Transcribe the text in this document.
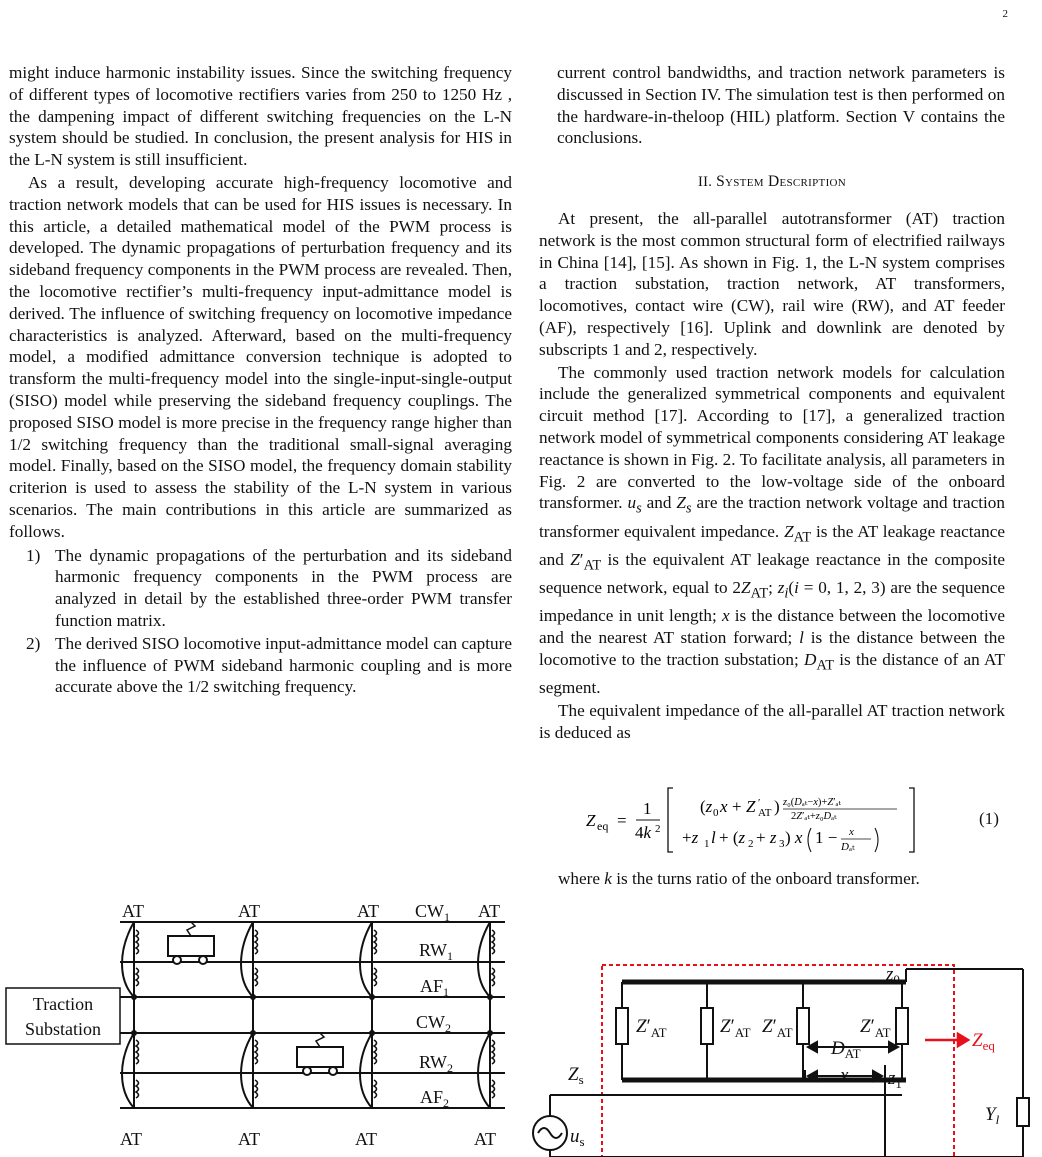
2

might induce harmonic instability issues. Since the switching frequency of different types of locomotive rectifiers varies from 250 to 1250 Hz , the dampening impact of different switching frequencies on the L-N system should be studied. In conclusion, the present analysis for HIS in the L-N system is still insufficient.

As a result, developing accurate high-frequency locomotive and traction network models that can be used for HIS issues is necessary. In this article, a detailed mathematical model of the PWM process is developed. The dynamic propagations of perturbation frequency and its sideband frequency components in the PWM process are revealed. Then, the locomotive rectifier’s multi-frequency input-admittance model is derived. The influence of switching frequency on locomotive impedance characteristics is analyzed. Afterward, based on the multi-frequency model, a modified admittance conversion technique is adopted to transform the multi-frequency model into the single-input-single-output (SISO) model while preserving the sideband frequency couplings. The proposed SISO model is more precise in the frequency range higher than 1/2 switching frequency than the traditional small-signal averaging model. Finally, based on the SISO model, the frequency domain stability criterion is used to assess the stability of the L-N system in various scenarios. The main contributions in this article are summarized as follows.

1) The dynamic propagations of the perturbation and its sideband harmonic frequency components in the PWM process are analyzed in detail by the established three-order PWM transfer function matrix.
2) The derived SISO locomotive input-admittance model can capture the influence of PWM sideband harmonic coupling and is more accurate above the 1/2 switching frequency.

current control bandwidths, and traction network parameters is discussed in Section IV. The simulation test is then performed on the hardware-in-theloop (HIL) platform. Section V contains the conclusions.

II. System Description

At present, the all-parallel autotransformer (AT) traction network is the most common structural form of electrified railways in China [14], [15]. As shown in Fig. 1, the L-N system comprises a traction substation, traction network, AT transformers, locomotives, contact wire (CW), rail wire (RW), and AT feeder (AF), respectively [16]. Uplink and downlink are denoted by subscripts 1 and 2, respectively.

The commonly used traction network models for calculation include the generalized symmetrical components and equivalent circuit method [17]. According to [17], a generalized traction network model of symmetrical components considering AT leakage reactance is shown in Fig. 2. To facilitate analysis, all parameters in Fig. 2 are converted to the low-voltage side of the onboard transformer. $u_s$ and $Z_s$ are the traction network voltage and traction transformer equivalent impedance. $Z_{AT}$ is the AT leakage reactance and $Z'_{AT}$ is the equivalent AT leakage reactance in the composite sequence network, equal to $2Z_{AT}$; $z_i(i = 0$, 1, 2, 3) are the sequence impedance in unit length; x is the distance between the locomotive and the nearest AT station forward; l is the distance between the locomotive to the traction substation; $D_{AT}$ is the distance of an AT segment.

The equivalent impedance of the all-parallel AT traction network is deduced as

Z eq =
1
4k 2
(z 0 x + Z ′
AT ) z₀(Dₐₜ−x)+Z′ₐₜ
2Z′ₐₜ+z₀Dₐₜ
+z 1 l + (z 2 + z 3 ) x 1 − x
Dₐₜ
(1)

where k is the turns ratio of the onboard transformer.

Traction
Substation
AT	AT	AT	AT
AT	AT	AT	AT
$CW_1$
$RW_1$
$AF_1$
$CW_2$
$RW_2$
$AF_2$
$Z'_{AT}$	$Z'_{AT}$ $Z'_{AT}$	$Z'_{AT}$
$z_0$
$z_1$
$D_{AT}$
x
$Z_s$
$u_s$
$Y_l$
$Z_{eq}$
